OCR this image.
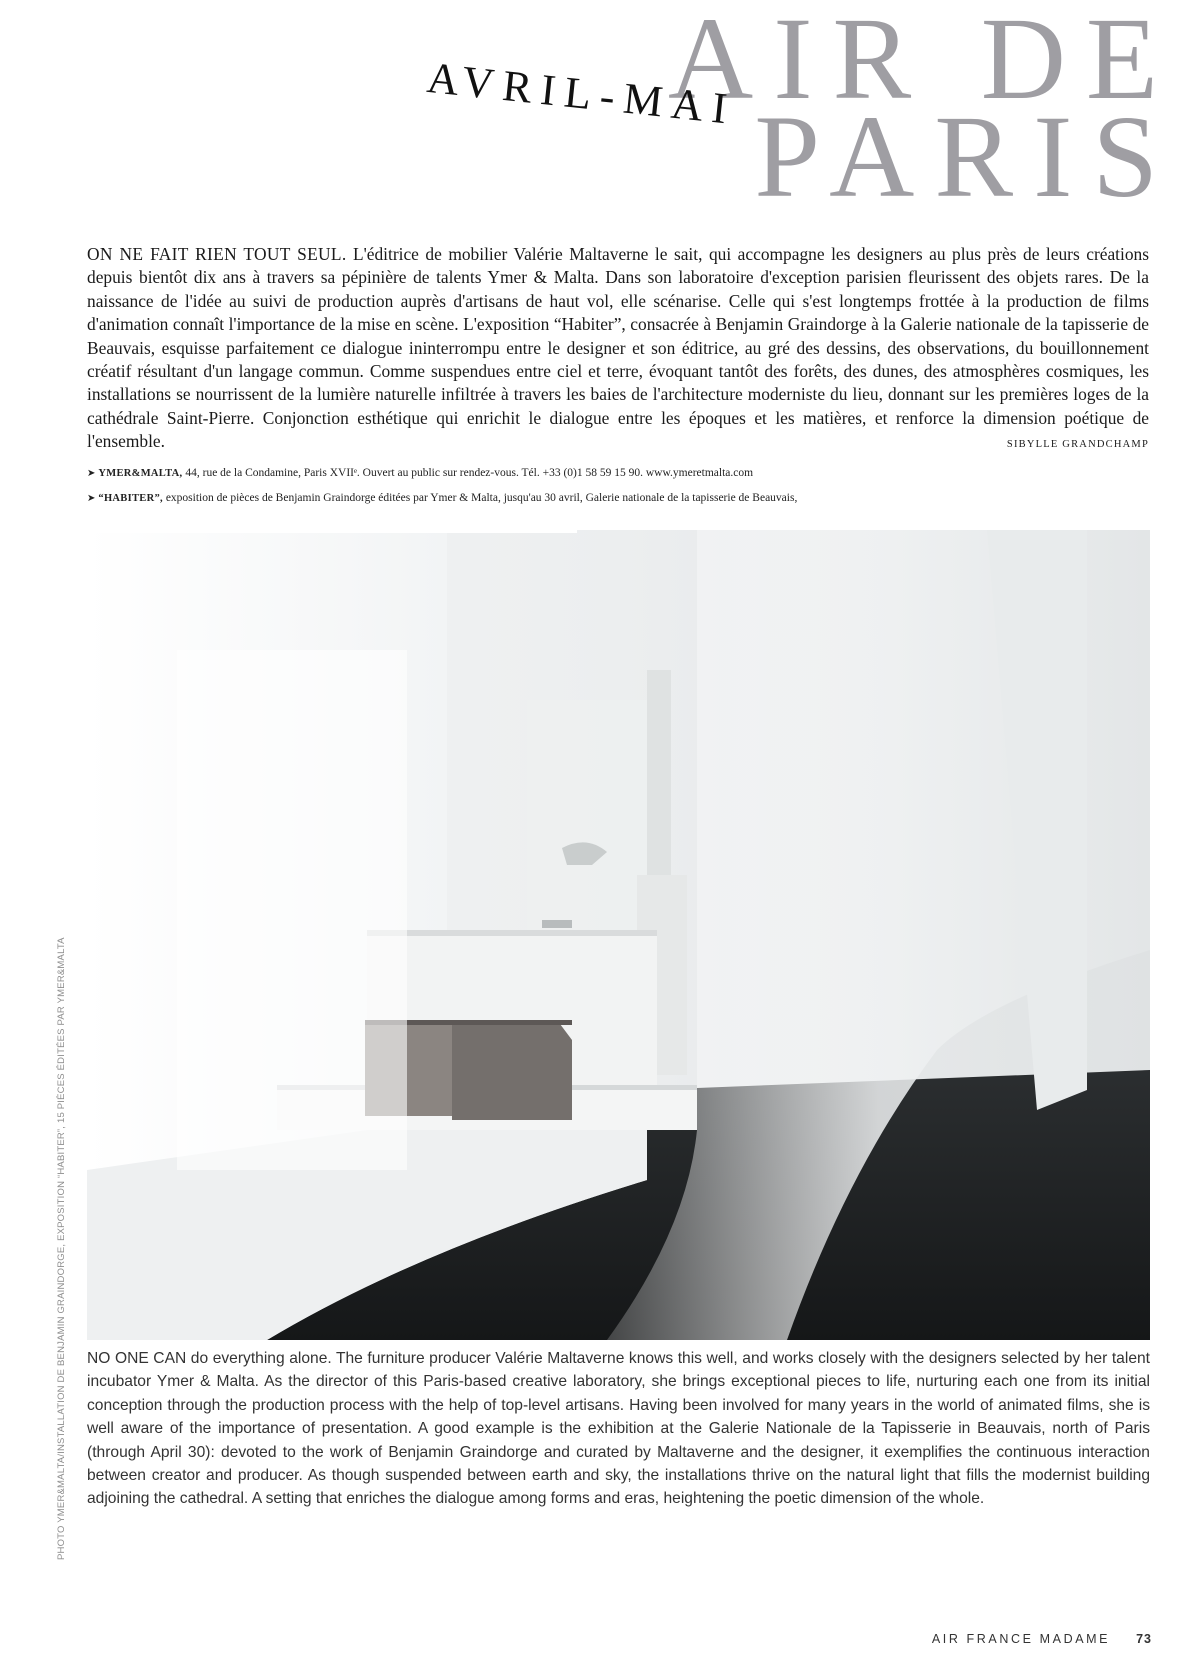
AIR DE
PARIS
AVRIL-MAI
ON NE FAIT RIEN TOUT SEUL. L'éditrice de mobilier Valérie Maltaverne le sait, qui accompagne les designers au plus près de leurs créations depuis bientôt dix ans à travers sa pépinière de talents Ymer & Malta. Dans son laboratoire d'exception parisien fleurissent des objets rares. De la naissance de l'idée au suivi de production auprès d'artisans de haut vol, elle scénarise. Celle qui s'est longtemps frottée à la production de films d'animation connaît l'importance de la mise en scène. L'exposition “Habiter”, consacrée à Benjamin Graindorge à la Galerie nationale de la tapisserie de Beauvais, esquisse parfaitement ce dialogue ininterrompu entre le designer et son éditrice, au gré des dessins, des observations, du bouillonnement créatif résultant d'un langage commun. Comme suspendues entre ciel et terre, évoquant tantôt des forêts, des dunes, des atmosphères cosmiques, les installations se nourrissent de la lumière naturelle infiltrée à travers les baies de l'architecture moderniste du lieu, donnant sur les premières loges de la cathédrale Saint-Pierre. Conjonction esthétique qui enrichit le dialogue entre les époques et les matières, et renforce la dimension poétique de l'ensemble.	SIBYLLE GRANDCHAMP
➤ YMER&MALTA, 44, rue de la Condamine, Paris XVIIᵉ. Ouvert au public sur rendez-vous. Tél. +33 (0)1 58 59 15 90. www.ymeretmalta.com
➤ “HABITER”, exposition de pièces de Benjamin Graindorge éditées par Ymer & Malta, jusqu'au 30 avril, Galerie nationale de la tapisserie de Beauvais,
PHOTO YMER&MALTA/INSTALLATION DE BENJAMIN GRAINDORGE, EXPOSITION “HABITER”, 15 PIÈCES ÉDITÉES PAR YMER&MALTA NO ONE CAN do everything alone. The furniture producer Valérie Maltaverne knows this well, and works closely with the designers selected by her talent incubator Ymer & Malta. As the director of this Paris-based creative laboratory, she brings exceptional pieces to life, nurturing each one from its initial conception through the production process with the help of top-level artisans. Having been involved for many years in the world of animated films, she is well aware of the importance of presentation. A good example is the exhibition at the Galerie Nationale de la Tapisserie in Beauvais, north of Paris (through April 30): devoted to the work of Benjamin Graindorge and curated by Maltaverne and the designer, it exemplifies the continuous interaction between creator and producer. As though suspended between earth and sky, the installations thrive on the natural light that fills the modernist building adjoining the cathedral. A setting that enriches the dialogue among forms and eras, heightening the poetic dimension of the whole.
AIR FRANCE MADAME 73
